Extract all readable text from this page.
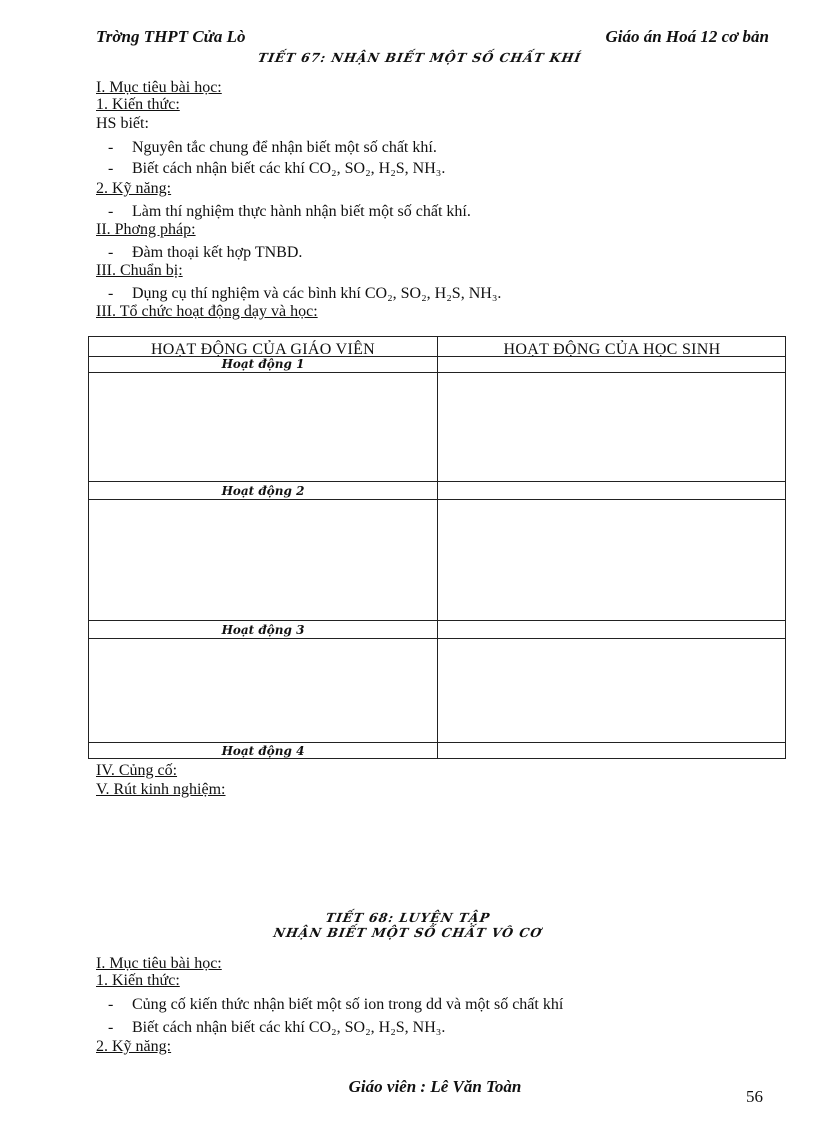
Trờng THPT Cửa Lò	Giáo án Hoá 12 cơ bản
TIẾT 67: NHẬN BIẾT MỘT SỐ CHẤT KHÍ
I. Mục tiêu bài học:
1. Kiến thức:
HS biết:
- Nguyên tắc chung để nhận biết một số chất khí.
- Biết cách nhận biết các khí CO₂, SO₂, H₂S, NH₃.
2. Kỹ năng:
- Làm thí nghiệm thực hành nhận biết một số chất khí.
II. Phơng pháp:
- Đàm thoại kết hợp TNBD.
III. Chuẩn bị:
- Dụng cụ thí nghiệm và các bình khí CO₂, SO₂, H₂S, NH₃.
III. Tổ chức hoạt động dạy và học:
HOẠT ĐỘNG CỦA GIÁO VIÊN	HOẠT ĐỘNG CỦA HỌC SINH
Hoạt động 1
Hoạt động 2
Hoạt động 3
Hoạt động 4
IV. Củng cố:
V. Rút kinh nghiệm:
TIẾT 68: LUYỆN TẬP
NHẬN BIẾT MỘT SỐ CHẤT VÔ CƠ
I. Mục tiêu bài học:
1. Kiến thức:
- Củng cố kiến thức nhận biết một số ion trong dd và một số chất khí
- Biết cách nhận biết các khí CO₂, SO₂, H₂S, NH₃.
2. Kỹ năng:
Giáo viên : Lê Văn Toàn
56
